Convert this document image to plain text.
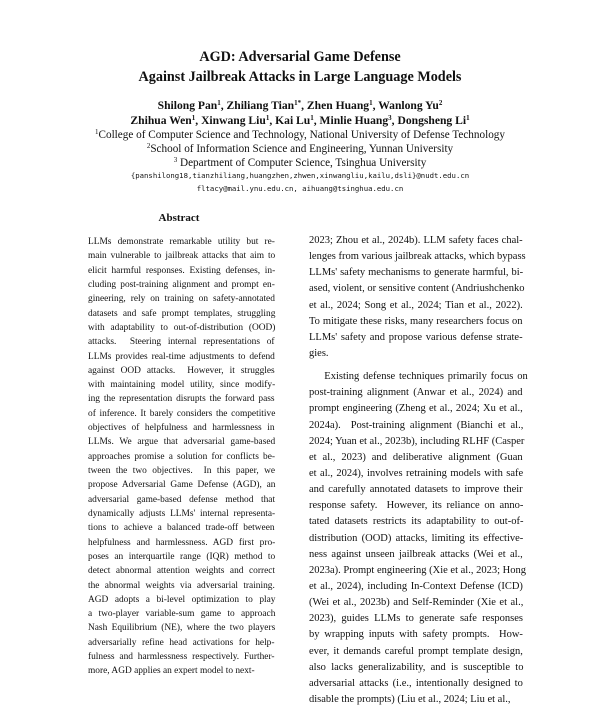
AGD: Adversarial Game Defense
Against Jailbreak Attacks in Large Language Models
Shilong Pan$^1$, Zhiliang Tian$^{1*}$, Zhen Huang$^1$, Wanlong Yu$^2$
Zhihua Wen$^1$, Xinwang Liu$^1$, Kai Lu$^1$, Minlie Huang$^3$, Dongsheng Li$^1$
$^1$College of Computer Science and Technology, National University of Defense Technology
$^2$School of Information Science and Engineering, Yunnan University
$^3$ Department of Computer Science, Tsinghua University
{panshilong18,tianzhiliang,huangzhen,zhwen,xinwangliu,kailu,dsli}@nudt.edu.cn
fltacy@mail.ynu.edu.cn, aihuang@tsinghua.edu.cn
Abstract
LLMs demonstrate remarkable utility but re-
main vulnerable to jailbreak attacks that aim to
elicit harmful responses. Existing defenses, in-
cluding post-training alignment and prompt en-
gineering, rely on training on safety-annotated
datasets and safe prompt templates, struggling
with adaptability to out-of-distribution (OOD)
attacks.  Steering internal representations of
LLMs provides real-time adjustments to defend
against OOD attacks.  However, it struggles
with maintaining model utility, since modify-
ing the representation disrupts the forward pass
of inference. It barely considers the competitive
objectives of helpfulness and harmlessness in
LLMs. We argue that adversarial game-based
approaches promise a solution for conflicts be-
tween the two objectives.  In this paper, we
propose Adversarial Game Defense (AGD), an
adversarial game-based defense method that
dynamically adjusts LLMs' internal representa-
tions to achieve a balanced trade-off between
helpfulness and harmlessness. AGD first pro-
poses an interquartile range (IQR) method to
detect abnormal attention weights and correct
the abnormal weights via adversarial training.
AGD adopts a bi-level optimization to play
a two-player variable-sum game to approach
Nash Equilibrium (NE), where the two players
adversarially refine head activations for help-
fulness and harmlessness respectively. Further-
more, AGD applies an expert model to next-
2023; Zhou et al., 2024b). LLM safety faces chal-
lenges from various jailbreak attacks, which bypass
LLMs' safety mechanisms to generate harmful, bi-
ased, violent, or sensitive content (Andriushchenko
et al., 2024; Song et al., 2024; Tian et al., 2022).
To mitigate these risks, many researchers focus on
LLMs' safety and propose various defense strate-
gies.
Existing defense techniques primarily focus on
post-training alignment (Anwar et al., 2024) and
prompt engineering (Zheng et al., 2024; Xu et al.,
2024a).  Post-training alignment (Bianchi et al.,
2024; Yuan et al., 2023b), including RLHF (Casper
et al., 2023) and deliberative alignment (Guan
et al., 2024), involves retraining models with safe
and carefully annotated datasets to improve their
response safety.  However, its reliance on anno-
tated datasets restricts its adaptability to out-of-
distribution (OOD) attacks, limiting its effective-
ness against unseen jailbreak attacks (Wei et al.,
2023a). Prompt engineering (Xie et al., 2023; Hong
et al., 2024), including In-Context Defense (ICD)
(Wei et al., 2023b) and Self-Reminder (Xie et al.,
2023), guides LLMs to generate safe responses
by wrapping inputs with safety prompts.  How-
ever, it demands careful prompt template design,
also lacks generalizability, and is susceptible to
adversarial attacks (i.e., intentionally designed to
disable the prompts) (Liu et al., 2024; Liu et al.,
